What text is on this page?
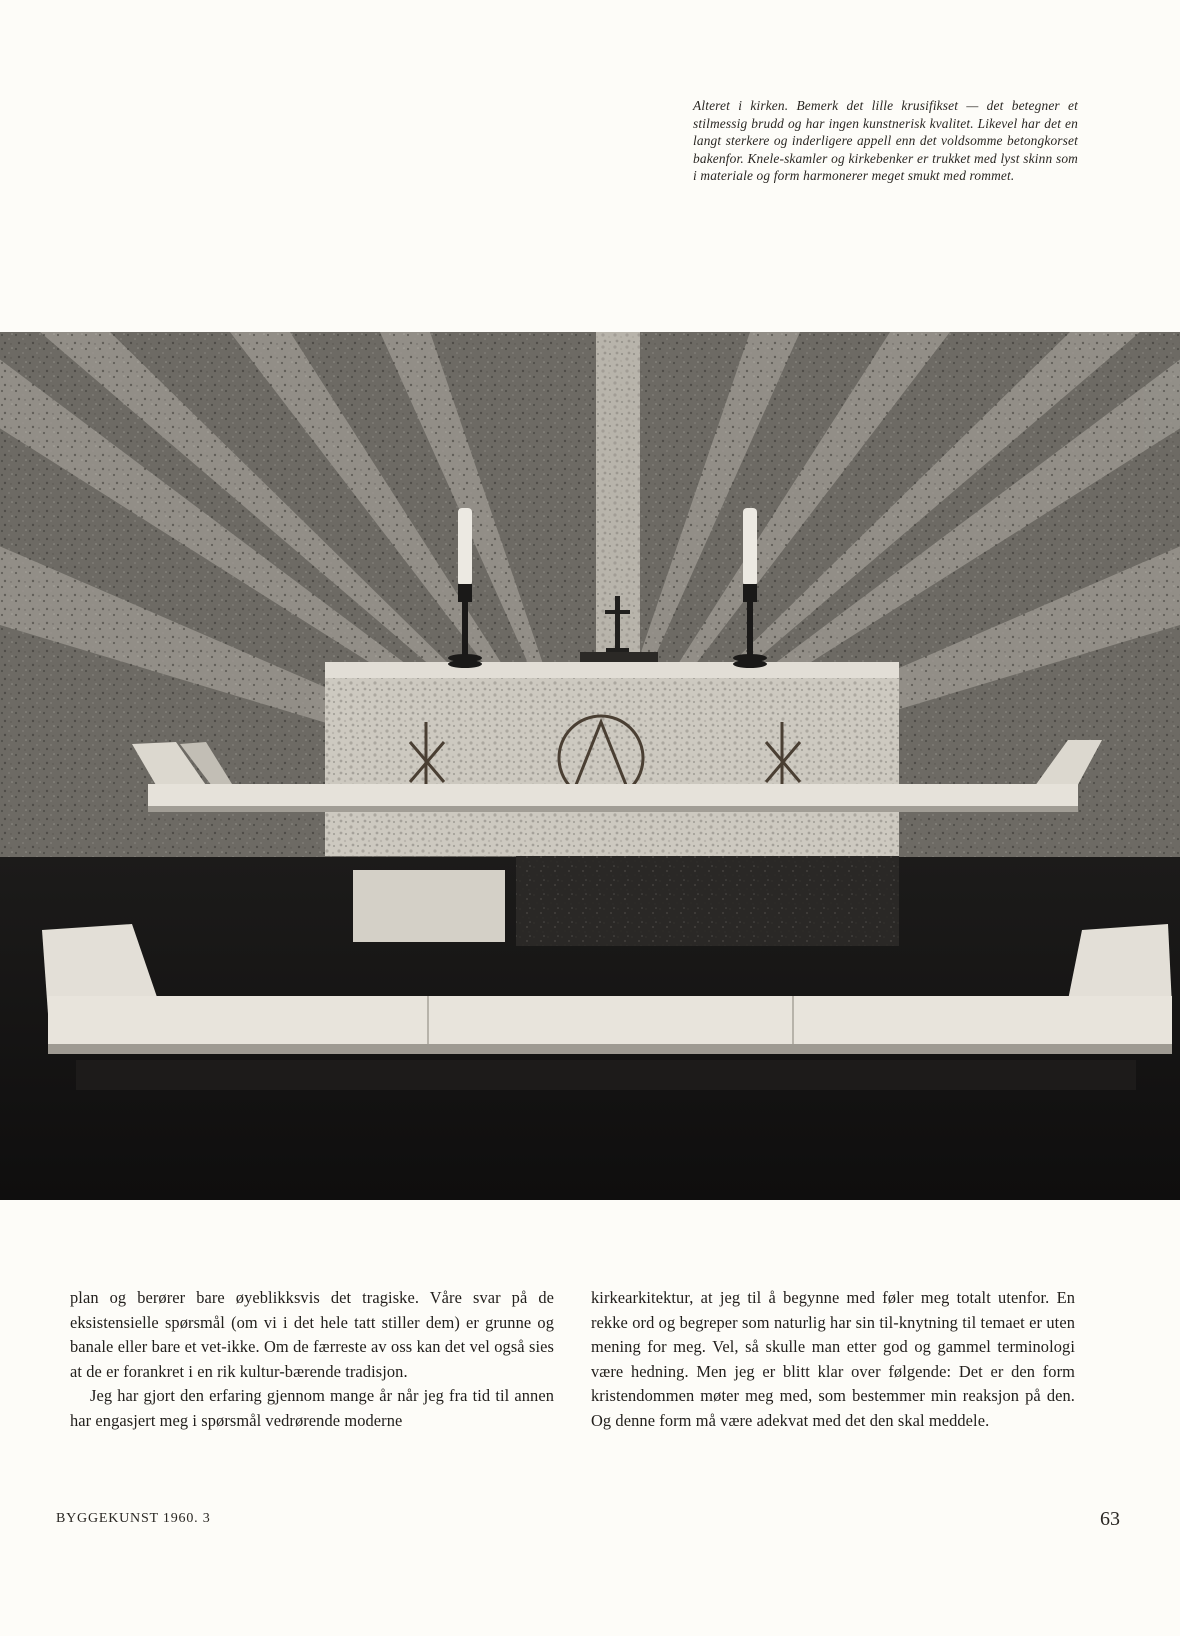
Alteret i kirken. Bemerk det lille krusifikset — det betegner et stilmessig brudd og har ingen kunstnerisk kvalitet. Likevel har det en langt sterkere og inderligere appell enn det voldsomme betongkorset bakenfor. Knele-skamler og kirkebenker er trukket med lyst skinn som i materiale og form harmonerer meget smukt med rommet.

plan og berører bare øyeblikksvis det tragiske. Våre svar på de eksistensielle spørsmål (om vi i det hele tatt stiller dem) er grunne og banale eller bare et vet-ikke. Om de færreste av oss kan det vel også sies at de er forankret i en rik kultur-bærende tradisjon.

Jeg har gjort den erfaring gjennom mange år når jeg fra tid til annen har engasjert meg i spørsmål vedrørende moderne

kirkearkitektur, at jeg til å begynne med føler meg totalt utenfor. En rekke ord og begreper som naturlig har sin til-knytning til temaet er uten mening for meg. Vel, så skulle man etter god og gammel terminologi være hedning. Men jeg er blitt klar over følgende: Det er den form kristendommen møter meg med, som bestemmer min reaksjon på den. Og denne form må være adekvat med det den skal meddele.

BYGGEKUNST 1960. 3	63
